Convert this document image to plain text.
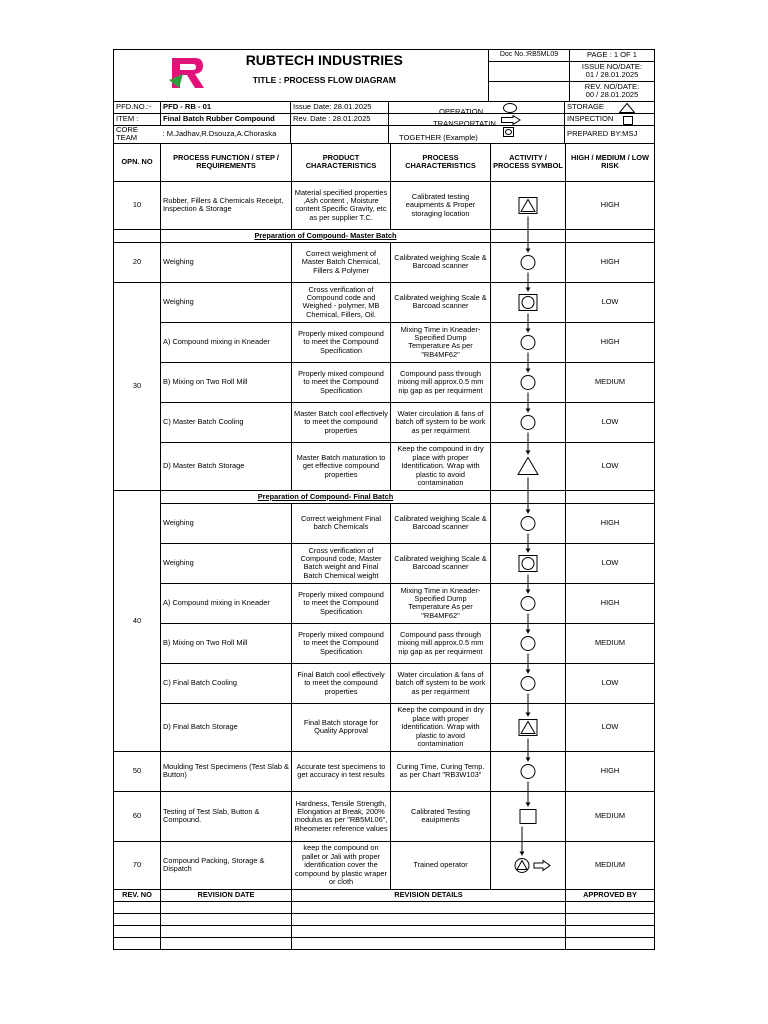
RUBTECH INDUSTRIES
TITLE : PROCESS FLOW DIAGRAM

Doc No.:RB5ML09	PAGE : 1 OF 1

ISSUE NO/DATE:
01 / 28.01.2025

REV. NO/DATE:
00 / 28.01.2025
PFD.NO.:-	PFD - RB - 01	Issue Date: 28.01.2025	OPERATION	STORAGE

ITEM :	Final Batch Rubber Compound	Rev. Date : 28.01.2025	TRANSPORTATIN	INSPECTION

CORE TEAM	: M.Jadhav,R.Dsouza,A.Choraska		TOGETHER (Example)	PREPARED BY:MSJ
OPN. NO	PROCESS FUNCTION / STEP / REQUIREMENTS	PRODUCT CHARACTERISTICS	PROCESS CHARACTERISTICS	ACTIVITY / PROCESS SYMBOL	HIGH / MEDIUM / LOW RISK
10	Rubber, Fillers & Chemicals Receipt, Inspection & Storage	Material specified properties ,Ash content , Moisture content Specific Gravity, etc as per supplier T.C.	Calibrated testing eauipments & Proper storaging location		HIGH
	Preparation of Compound- Master Batch				
20	Weighing	Correct weighment of Master Batch Chemical, Fillers & Polymer	Calibrated weighing Scale & Barcoad scanner		HIGH
30	Weighing	Cross verification of Compound code and Weighed - polymer, MB Chemical, Fillers, Oil.	Calibrated weighing Scale & Barcoad scanner		LOW
	A) Compound mixing in Kneader	Properly mixed compound to meet the Compound Specification	Mixing Time in Kneader- Specified Dump Temperature As per "RB4MF62"		HIGH
	B) Mixing on Two Roll Mill	Properly mixed compound to meet the Compound Specification	Compound pass through mixing mill approx.0.5 mm nip gap as per requirment		MEDIUM
	C) Master Batch Cooling	Master Batch cool effectively to meet the compound properties	Water circulation & fans of batch off system to be work as per requirment		LOW
	D) Master Batch Storage	Master Batch maturation to get effective compound properties	Keep the compound in dry place with proper Identification. Wrap with plastic to avoid contamination		LOW
40	Preparation of Compound- Final Batch				
	Weighing	Correct weighment Final batch Chemicals	Calibrated weighing Scale & Barcoad scanner		HIGH
	Weighing	Cross verification of Compound code, Master Batch weight and Final Batch Chemical weight	Calibrated weighing Scale & Barcoad scanner		LOW
	A) Compound mixing in Kneader	Properly mixed compound to meet the Compound Specification	Mixing Time in Kneader- Specified Dump Temperature As per "RB4MF62"		HIGH
	B) Mixing on Two Roll Mill	Properly mixed compound to meet the Compound Specification	Compound pass through mixing mill approx.0.5 mm nip gap as per requirment		MEDIUM
	C) Final Batch Cooling	Final Batch cool effectively to meet the compound properties	Water circulation & fans of batch off system to be work as per requirment		LOW
	D) Final Batch Storage	Final Batch storage for Quality Approval	Keep the compound in dry place with proper Identification. Wrap with plastic to avoid contamination		LOW
50	Moulding Test Specimens (Test Slab & Button)	Accurate test specimens to get accuracy in test results	Curing Time, Curing Temp. as per Chart "RB3W103"		HIGH
60	Testing of Test Slab, Button & Compound.	Hardness, Tensile Strength, Elongation at Break, 200% modulus as per "RB5ML06", Rheometer reference values	Calibrated Testing eauipments		MEDIUM
70	Compound Packing, Storage & Dispatch	keep the compound on pallet or Jali with proper identification cover the compound by plastic wraper or cloth	Trained operator		MEDIUM
REV. NO	REVISION DATE	REVISION DETAILS	APPROVED BY
